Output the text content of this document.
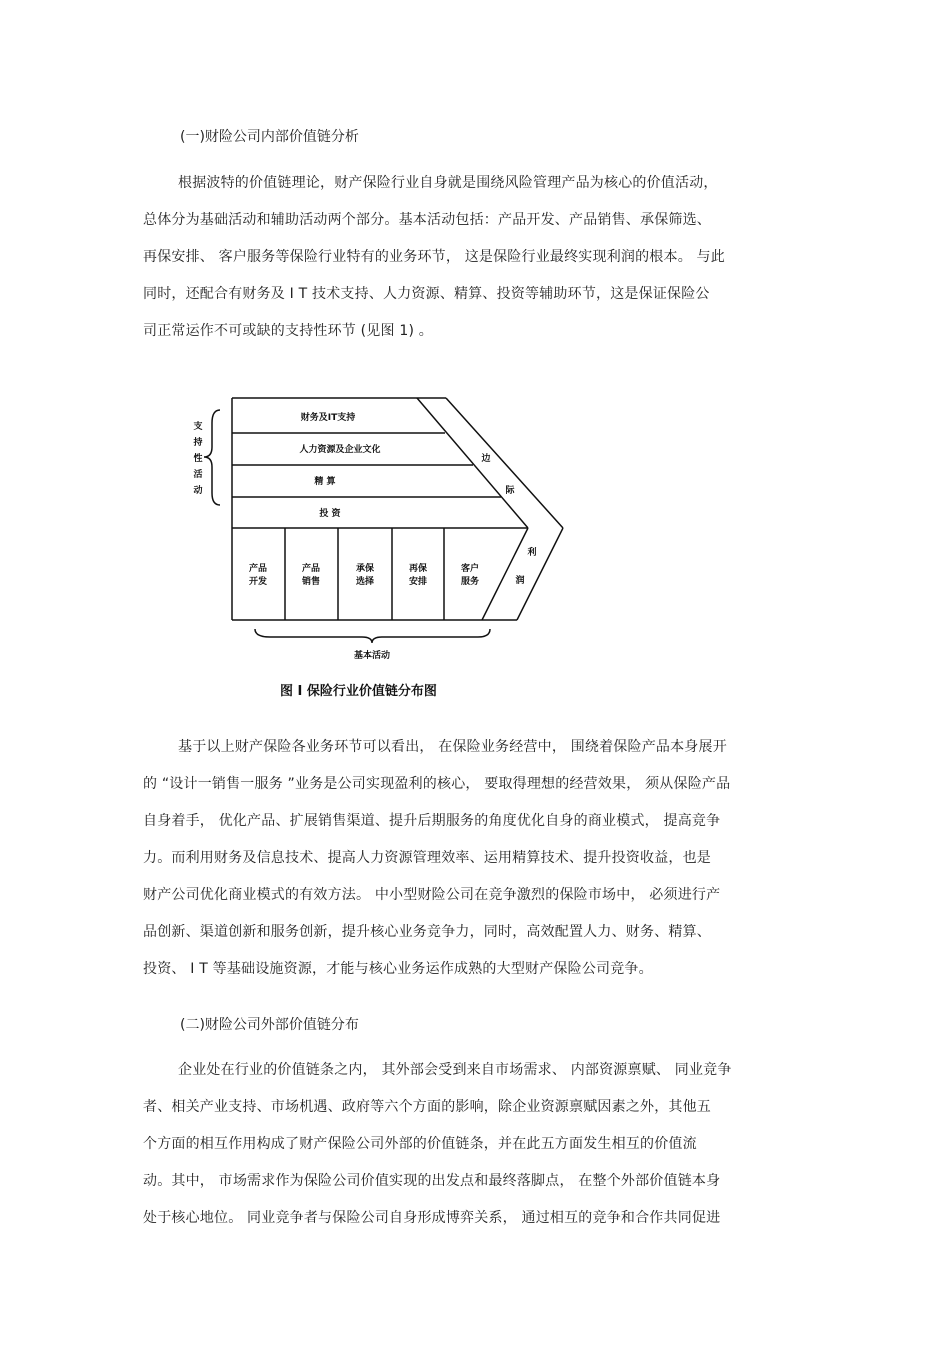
(一)财险公司内部价值链分析
根据波特的价值链理论，财产保险行业自身就是围绕风险管理产品为核心的价值活动，
总体分为基础活动和辅助活动两个部分。基本活动包括：产品开发、产品销售、承保筛选、
再保安排、 客户服务等保险行业特有的业务环节， 这是保险行业最终实现利润的根本。 与此
同时，还配合有财务及 I T 技术支持、人力资源、精算、投资等辅助环节，这是保证保险公
司正常运作不可或缺的支持性环节 (见图 1) 。
支
持
性
活
动
财务及IT支持
人力资源及企业文化
精 算
投 资
产品
开发
产品
销售
承保
选择
再保
安排
客户
服务
边
际
利
润
基本活动
图 I 保险行业价值链分布图
基于以上财产保险各业务环节可以看出， 在保险业务经营中， 围绕着保险产品本身展开
的 “设计一销售一服务 ”业务是公司实现盈利的核心， 要取得理想的经营效果， 须从保险产品
自身着手， 优化产品、扩展销售渠道、提升后期服务的角度优化自身的商业模式， 提高竞争
力。而利用财务及信息技术、提高人力资源管理效率、运用精算技术、提升投资收益，也是
财产公司优化商业模式的有效方法。 中小型财险公司在竞争激烈的保险市场中， 必须进行产
品创新、渠道创新和服务创新，提升核心业务竞争力，同时，高效配置人力、财务、精算、
投资、 I T 等基础设施资源，才能与核心业务运作成熟的大型财产保险公司竞争。
(二)财险公司外部价值链分布
企业处在行业的价值链条之内， 其外部会受到来自市场需求、 内部资源禀赋、 同业竞争
者、相关产业支持、市场机遇、政府等六个方面的影响，除企业资源禀赋因素之外，其他五
个方面的相互作用构成了财产保险公司外部的价值链条，并在此五方面发生相互的价值流
动。其中， 市场需求作为保险公司价值实现的出发点和最终落脚点， 在整个外部价值链本身
处于核心地位。 同业竞争者与保险公司自身形成博弈关系， 通过相互的竞争和合作共同促进
